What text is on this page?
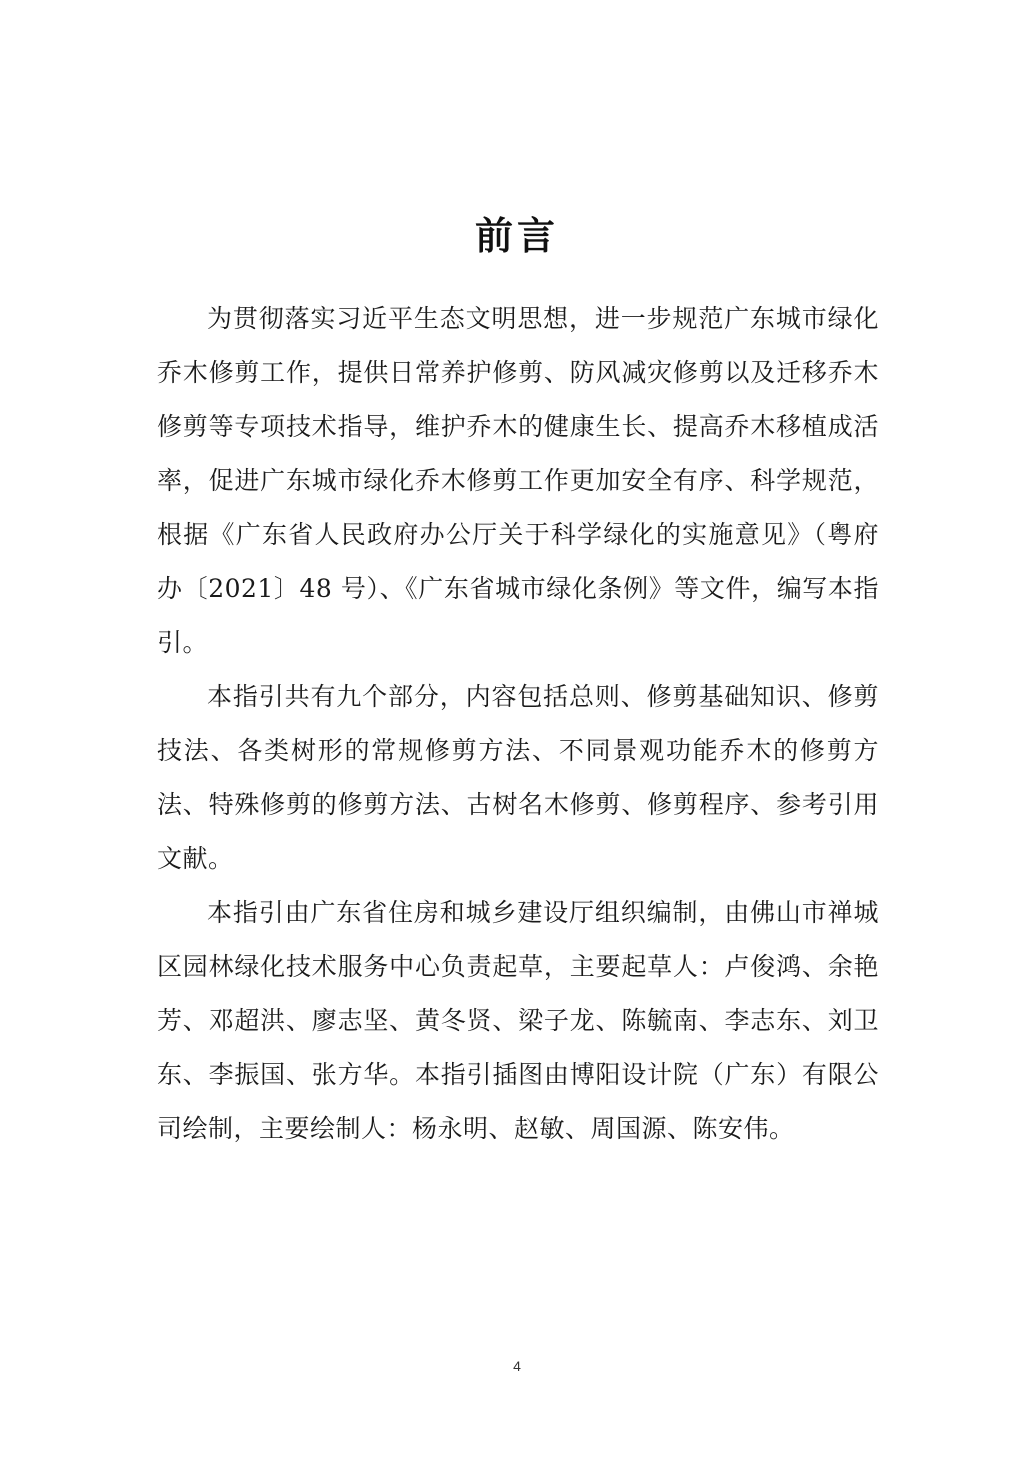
前言

为贯彻落实习近平生态文明思想，进一步规范广东城市绿化乔木修剪工作，提供日常养护修剪、防风减灾修剪以及迁移乔木修剪等专项技术指导，维护乔木的健康生长、提高乔木移植成活率，促进广东城市绿化乔木修剪工作更加安全有序、科学规范，根据《广东省人民政府办公厅关于科学绿化的实施意见》（粤府办〔2021〕48 号）、《广东省城市绿化条例》等文件，编写本指引。

本指引共有九个部分，内容包括总则、修剪基础知识、修剪技法、各类树形的常规修剪方法、不同景观功能乔木的修剪方法、特殊修剪的修剪方法、古树名木修剪、修剪程序、参考引用文献。

本指引由广东省住房和城乡建设厅组织编制，由佛山市禅城区园林绿化技术服务中心负责起草，主要起草人：卢俊鸿、余艳芳、邓超洪、廖志坚、黄冬贤、梁子龙、陈毓南、李志东、刘卫东、李振国、张方华。本指引插图由博阳设计院（广东）有限公司绘制，主要绘制人：杨永明、赵敏、周国源、陈安伟。

4
